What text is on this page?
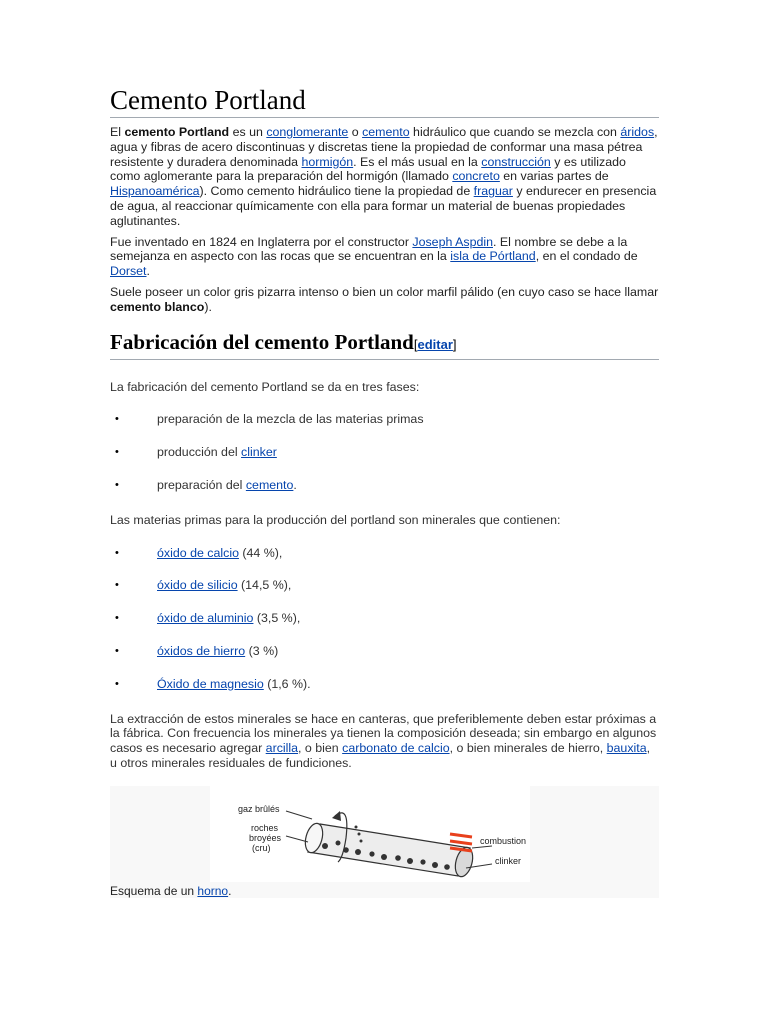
Cemento Portland

El cemento Portland es un conglomerante o cemento hidráulico que cuando se mezcla con áridos, agua y fibras de acero discontinuas y discretas tiene la propiedad de conformar una masa pétrea resistente y duradera denominada hormigón. Es el más usual en la construcción y es utilizado como aglomerante para la preparación del hormigón (llamado concreto en varias partes de Hispanoamérica). Como cemento hidráulico tiene la propiedad de fraguar y endurecer en presencia de agua, al reaccionar químicamente con ella para formar un material de buenas propiedades aglutinantes.

Fue inventado en 1824 en Inglaterra por el constructor Joseph Aspdin. El nombre se debe a la semejanza en aspecto con las rocas que se encuentran en la isla de Pórtland, en el condado de Dorset.

Suele poseer un color gris pizarra intenso o bien un color marfil pálido (en cuyo caso se hace llamar cemento blanco).

Fabricación del cemento Portland[editar]
La fabricación del cemento Portland se da en tres fases:
•	preparación de la mezcla de las materias primas
•	producción del clinker
•	preparación del cemento.
Las materias primas para la producción del portland son minerales que contienen:
•	óxido de calcio (44 %),
•	óxido de silicio (14,5 %),
•	óxido de aluminio (3,5 %),
•	óxidos de hierro (3 %)
•	Óxido de magnesio (1,6 %).

La extracción de estos minerales se hace en canteras, que preferiblemente deben estar próximas a la fábrica. Con frecuencia los minerales ya tienen la composición deseada; sin embargo en algunos casos es necesario agregar arcilla, o bien carbonato de calcio, o bien minerales de hierro, bauxita, u otros minerales residuales de fundiciones.

gaz brûlés
roches
broyées
(cru)
combustion
clinker
Esquema de un horno.
